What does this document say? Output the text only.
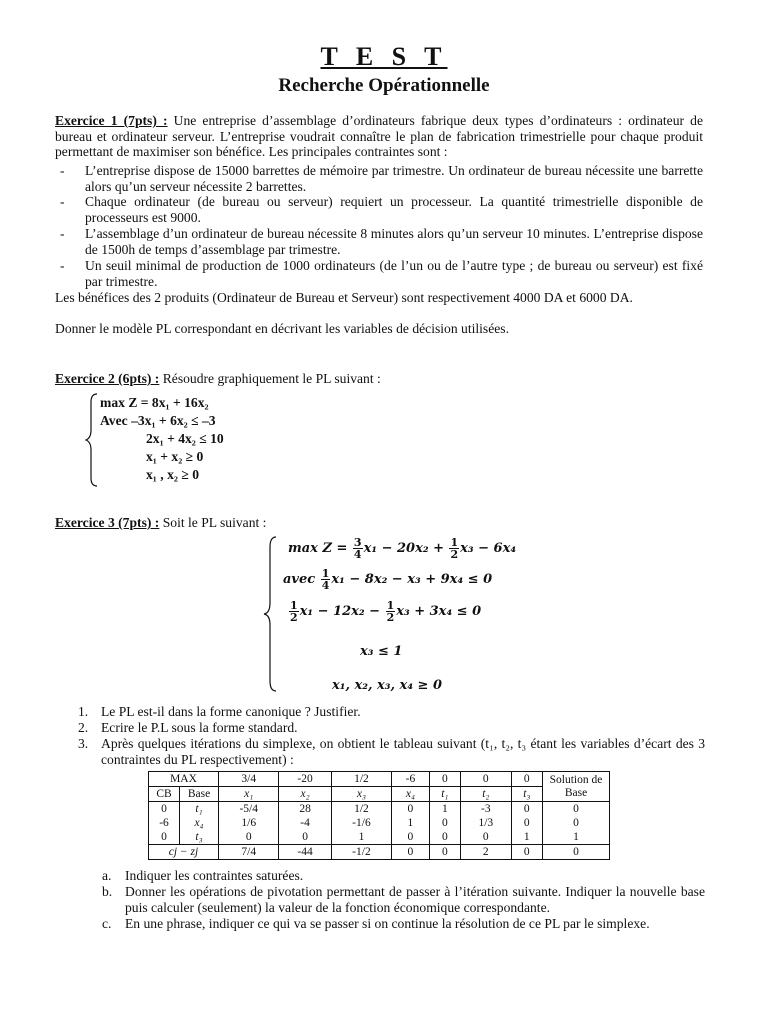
T E S T
Recherche Opérationnelle
Exercice 1 (7pts) : Une entreprise d’assemblage d’ordinateurs fabrique deux types d’ordinateurs : ordinateur de bureau et ordinateur serveur. L’entreprise voudrait connaître le plan de fabrication trimestrielle pour chaque produit permettant de maximiser son bénéfice. Les principales contraintes sont :
- L’entreprise dispose de 15000 barrettes de mémoire par trimestre. Un ordinateur de bureau nécessite une barrette alors qu’un serveur nécessite 2 barrettes.
- Chaque ordinateur (de bureau ou serveur) requiert un processeur. La quantité trimestrielle disponible de processeurs est 9000.
- L’assemblage d’un ordinateur de bureau nécessite 8 minutes alors qu’un serveur 10 minutes. L’entreprise dispose de 1500h de temps d’assemblage par trimestre.
- Un seuil minimal de production de 1000 ordinateurs (de l’un ou de l’autre type ; de bureau ou serveur) est fixé par trimestre.
Les bénéfices des 2 produits (Ordinateur de Bureau et Serveur) sont respectivement 4000 DA et 6000 DA.
Donner le modèle PL correspondant en décrivant les variables de décision utilisées.
Exercice 2 (6pts) : Résoudre graphiquement le PL suivant :
max Z = 8x₁ + 16x₂
Avec –3x₁ + 6x₂ ≤ –3
2x₁ + 4x₂ ≤ 10
x₁ + x₂ ≥ 0
x₁ , x₂ ≥ 0
Exercice 3 (7pts) : Soit le PL suivant :
$\max Z = \frac{3}{4} x_1 - 20x_2 + \frac{1}{2} x_3 - 6x_4$
avec $\frac{1}{4} x_1 - 8x_2 - x_3 + 9x_4 \le 0$
$\frac{1}{2} x_1 - 12x_2 - \frac{1}{2} x_3 + 3x_4 \le 0$
x₃ ≤ 1
x₁, x₂, x₃, x₄ ≥ 0
1. Le PL est-il dans la forme canonique ? Justifier.
2. Ecrire le P.L sous la forme standard.
3. Après quelques itérations du simplexe, on obtient le tableau suivant (t₁, t₂, t₃ étant les variables d’écart des 3 contraintes du PL respectivement) :
MAX		3/4	-20	1/2	-6	0	0	0	Solution de Base
CB	Base	x₁	x₂	x₃	x₄	t₁	t₂	t₃	
0	t₁	-5/4	28	1/2	0	1	-3	0	0
-6	x₄	1/6	-4	-1/6	1	0	1/3	0	0
0	t₃	0	0	1	0	0	0	1	1
cj − zj		7/4	-44	-1/2	0	0	2	0	0
a. Indiquer les contraintes saturées.
b. Donner les opérations de pivotation permettant de passer à l’itération suivante. Indiquer la nouvelle base puis calculer (seulement) la valeur de la fonction économique correspondante.
c. En une phrase, indiquer ce qui va se passer si on continue la résolution de ce PL par le simplexe.
